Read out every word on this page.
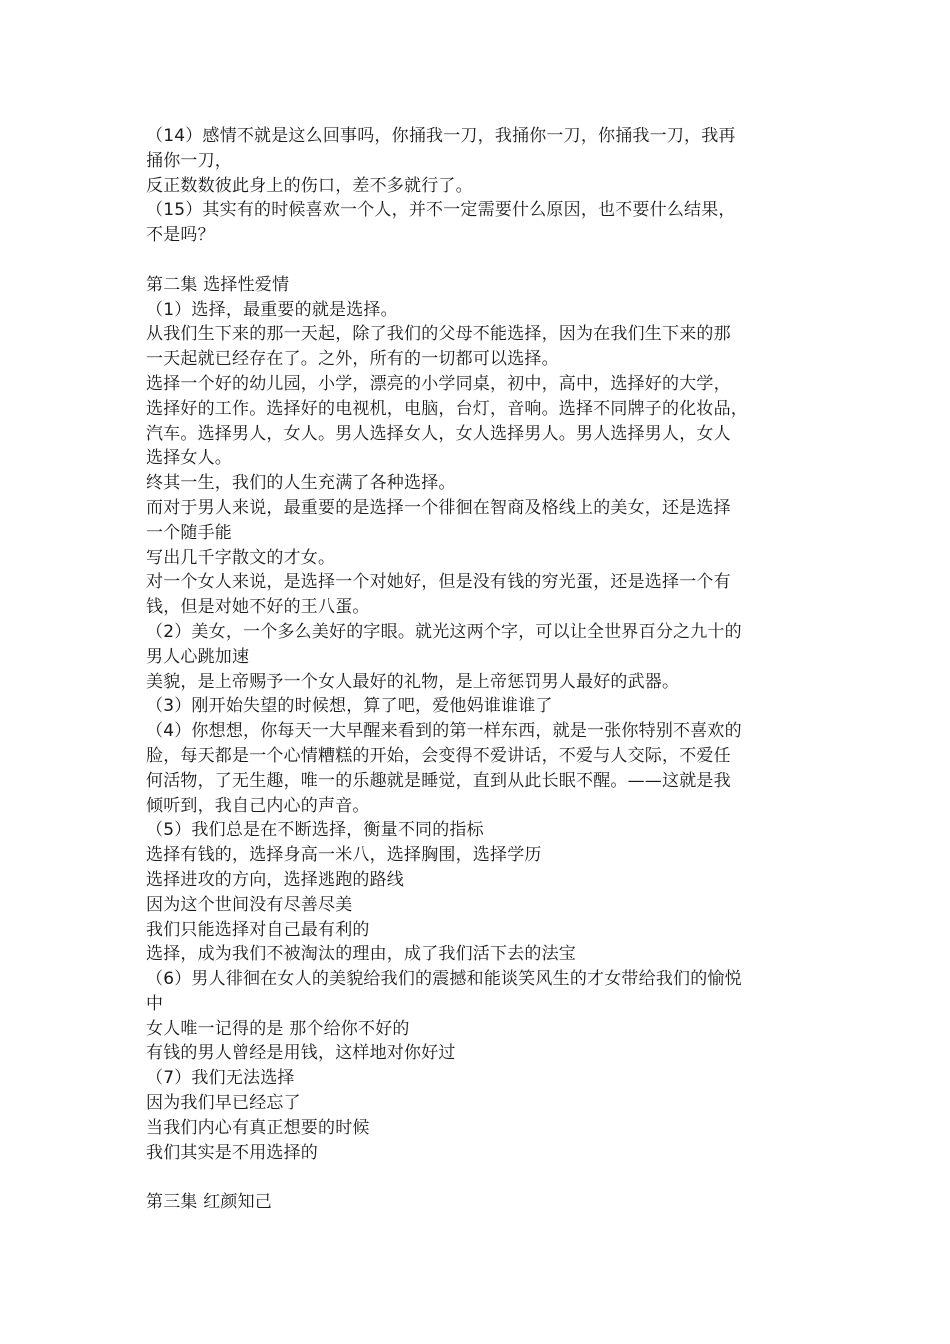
（14）感情不就是这么回事吗，你捅我一刀，我捅你一刀，你捅我一刀，我再
捅你一刀，
反正数数彼此身上的伤口，差不多就行了。
（15）其实有的时候喜欢一个人，并不一定需要什么原因，也不要什么结果，
不是吗？
第二集 选择性爱情
（1）选择，最重要的就是选择。
从我们生下来的那一天起，除了我们的父母不能选择，因为在我们生下来的那
一天起就已经存在了。之外，所有的一切都可以选择。
选择一个好的幼儿园，小学，漂亮的小学同桌，初中，高中，选择好的大学，
选择好的工作。选择好的电视机，电脑，台灯，音响。选择不同牌子的化妆品，
汽车。选择男人，女人。男人选择女人，女人选择男人。男人选择男人，女人
选择女人。
终其一生，我们的人生充满了各种选择。
而对于男人来说，最重要的是选择一个徘徊在智商及格线上的美女，还是选择
一个随手能
写出几千字散文的才女。
对一个女人来说，是选择一个对她好，但是没有钱的穷光蛋，还是选择一个有
钱，但是对她不好的王八蛋。
（2）美女，一个多么美好的字眼。就光这两个字，可以让全世界百分之九十的
男人心跳加速
美貌，是上帝赐予一个女人最好的礼物，是上帝惩罚男人最好的武器。
（3）刚开始失望的时候想，算了吧，爱他妈谁谁谁了
（4）你想想，你每天一大早醒来看到的第一样东西，就是一张你特别不喜欢的
脸，每天都是一个心情糟糕的开始，会变得不爱讲话，不爱与人交际，不爱任
何活物，了无生趣，唯一的乐趣就是睡觉，直到从此长眠不醒。——这就是我
倾听到，我自己内心的声音。
（5）我们总是在不断选择，衡量不同的指标
选择有钱的，选择身高一米八，选择胸围，选择学历
选择进攻的方向，选择逃跑的路线
因为这个世间没有尽善尽美
我们只能选择对自己最有利的
选择，成为我们不被淘汰的理由，成了我们活下去的法宝
（6）男人徘徊在女人的美貌给我们的震撼和能谈笑风生的才女带给我们的愉悦
中
女人唯一记得的是 那个给你不好的
有钱的男人曾经是用钱，这样地对你好过
（7）我们无法选择
因为我们早已经忘了
当我们内心有真正想要的时候
我们其实是不用选择的
第三集 红颜知己
